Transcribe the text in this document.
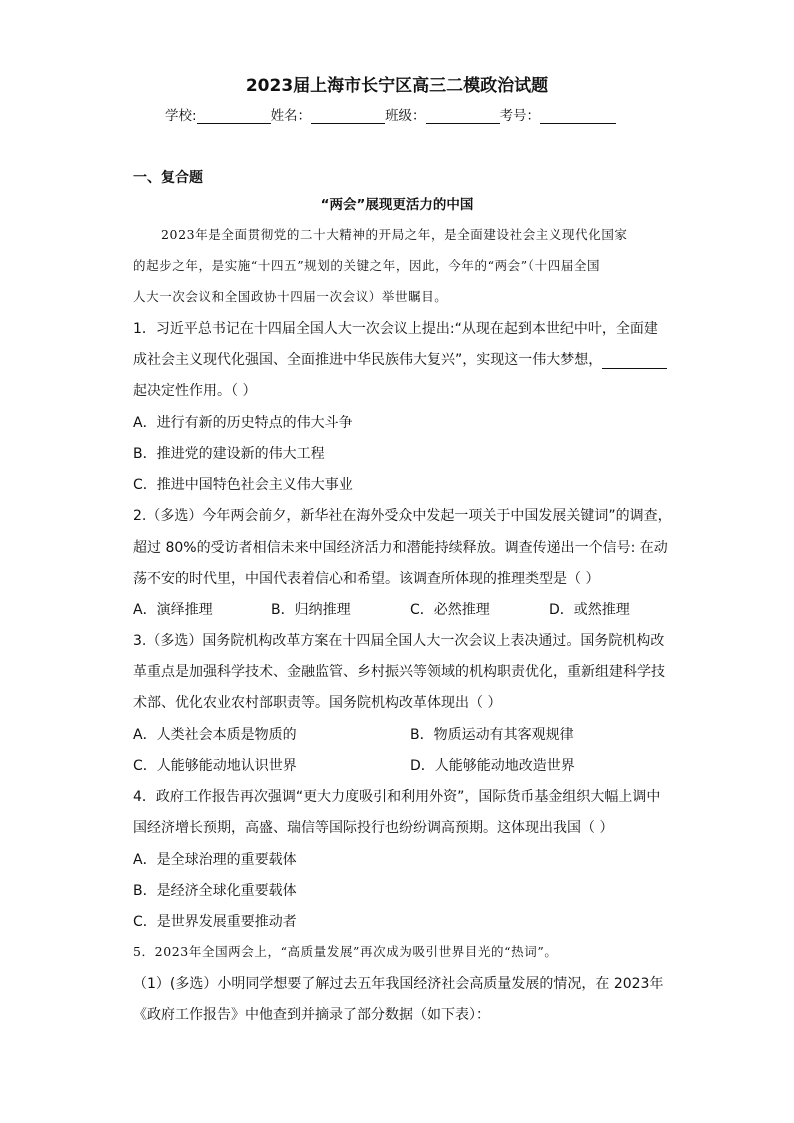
2023届上海市长宁区高三二模政治试题
学校:	姓名：	班级：	考号：
一、复合题
“两会”展现更活力的中国
2023年是全面贯彻党的二十大精神的开局之年，是全面建设社会主义现代化国家
的起步之年，是实施“十四五”规划的关键之年，因此，今年的“两会”（十四届全国
人大一次会议和全国政协十四届一次会议）举世瞩目。
1．习近平总书记在十四届全国人大一次会议上提出:“从现在起到本世纪中叶，全面建
成社会主义现代化强国、全面推进中华民族伟大复兴”，实现这一伟大梦想，
起决定性作用。（ ）
A．进行有新的历史特点的伟大斗争
B．推进党的建设新的伟大工程
C．推进中国特色社会主义伟大事业
2.（多选）今年两会前夕，新华社在海外受众中发起一项关于中国发展关键词”的调查，
超过 80%的受访者相信未来中国经济活力和潜能持续释放。调查传递出一个信号: 在动
荡不安的时代里，中国代表着信心和希望。该调查所体现的推理类型是（ ）
A．演绎推理	B．归纳推理	C．必然推理	D．或然推理
3.（多选）国务院机构改革方案在十四届全国人大一次会议上表决通过。国务院机构改
革重点是加强科学技术、金融监管、乡村振兴等领域的机构职责优化，重新组建科学技
术部、优化农业农村部职责等。国务院机构改革体现出（ ）
A．人类社会本质是物质的	B．物质运动有其客观规律
C．人能够能动地认识世界	D．人能够能动地改造世界
4．政府工作报告再次强调“更大力度吸引和利用外资”，国际货币基金组织大幅上调中
国经济增长预期，高盛、瑞信等国际投行也纷纷调高预期。这体现出我国（ ）
A．是全球治理的重要载体
B．是经济全球化重要载体
C．是世界发展重要推动者
5．2023年全国两会上，“高质量发展”再次成为吸引世界目光的“热词”。
（1）(多选）小明同学想要了解过去五年我国经济社会高质量发展的情况，在 2023年
《政府工作报告》中他查到并摘录了部分数据（如下表）：
